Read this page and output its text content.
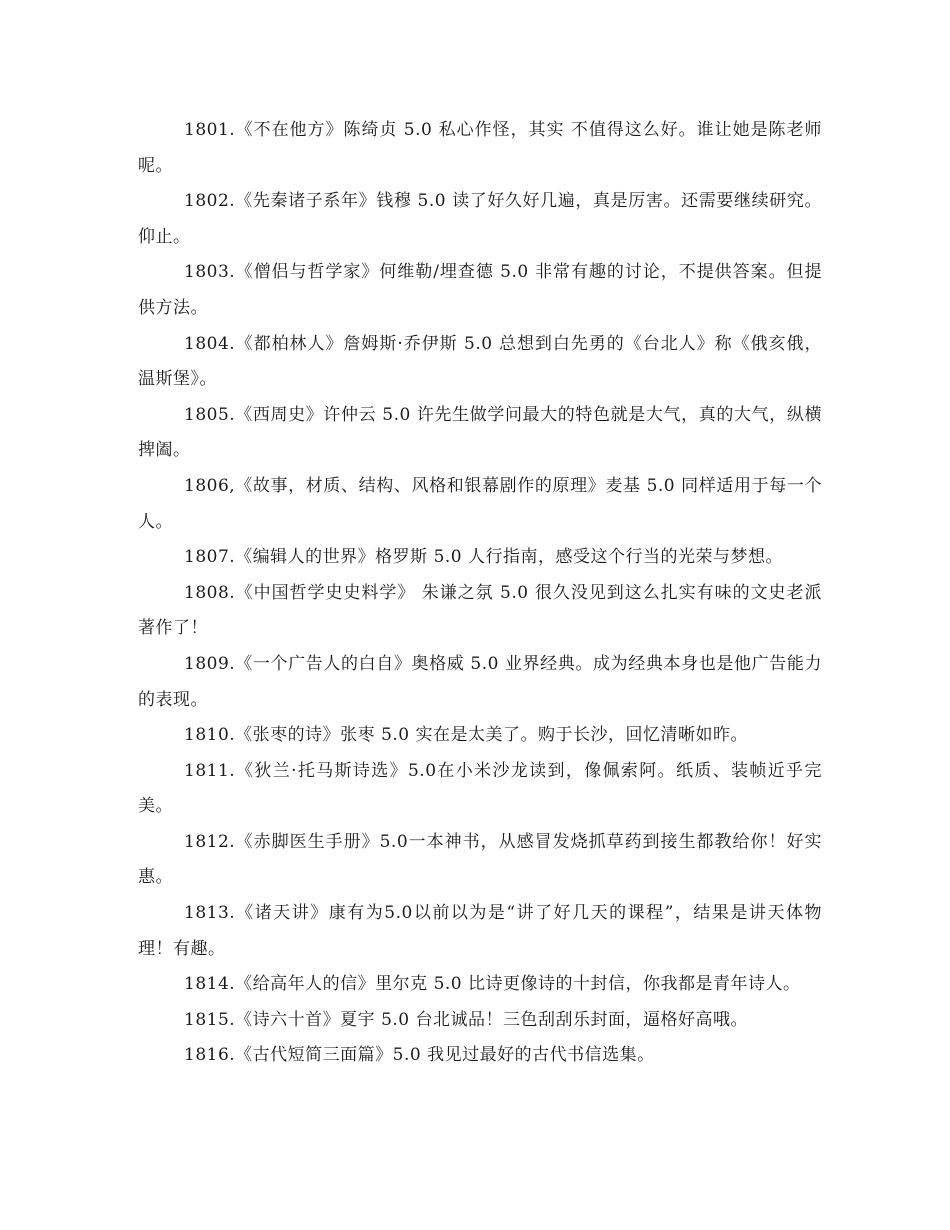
1801.《不在他方》陈绮贞 5.0 私心作怪，其实 不值得这么好。谁让她是陈老师呢。

1802.《先秦诸子系年》钱穆 5.0 读了好久好几遍，真是厉害。还需要继续研究。仰止。

1803.《僧侣与哲学家》何维勒/埋查德 5.0 非常有趣的讨论，不提供答案。但提供方法。

1804.《都柏林人》詹姆斯·乔伊斯 5.0 总想到白先勇的《台北人》称《俄亥俄，温斯堡》。

1805.《西周史》许仲云 5.0 许先生做学问最大的特色就是大气，真的大气，纵横捭阖。

1806,《故事，材质、结构、风格和银幕剧作的原理》麦基 5.0 同样适用于每一个人。

1807.《编辑人的世界》格罗斯 5.0 人行指南，感受这个行当的光荣与梦想。

1808.《中国哲学史史料学》 朱谦之氛 5.0 很久没见到这么扎实有味的文史老派著作了！

1809.《一个广告人的白自》奥格威 5.0 业界经典。成为经典本身也是他广告能力的表现。

1810.《张枣的诗》张枣 5.0 实在是太美了。购于长沙，回忆清晰如昨。

1811.《狄兰·托马斯诗选》5.0在小米沙龙读到，像佩索阿。纸质、装帧近乎完美。

1812.《赤脚医生手册》5.0一本神书，从感冒发烧抓草药到接生都教给你！好实惠。

1813.《诸天讲》康有为5.0以前以为是“讲了好几天的课程”，结果是讲天体物理！有趣。

1814.《给高年人的信》里尔克 5.0 比诗更像诗的十封信，你我都是青年诗人。

1815.《诗六十首》夏宇 5.0 台北诚品！三色刮刮乐封面，逼格好高哦。

1816.《古代短简三面篇》5.0 我见过最好的古代书信选集。
